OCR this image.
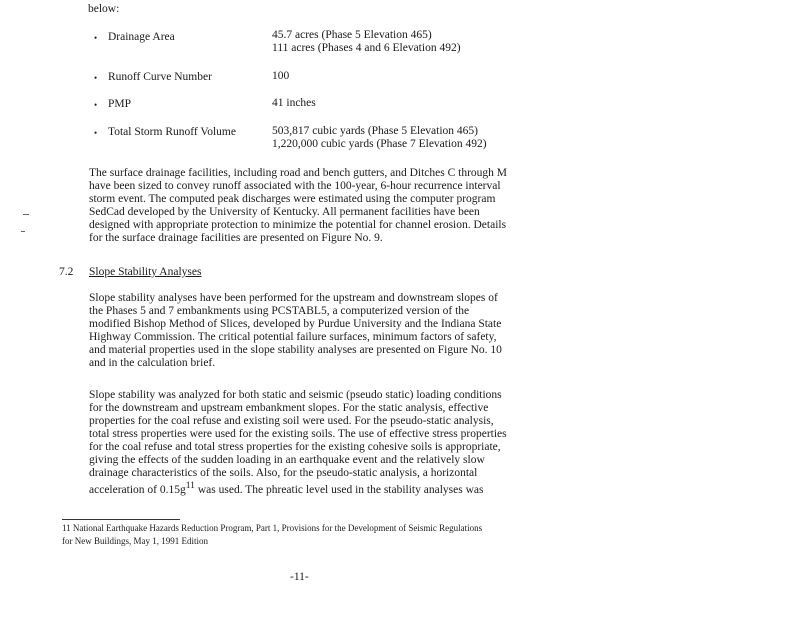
below:
• Drainage Area	45.7 acres (Phase 5 Elevation 465)
111 acres (Phases 4 and 6 Elevation 492)
• Runoff Curve Number	100
• PMP	41 inches
• Total Storm Runoff Volume	503,817 cubic yards (Phase 5 Elevation 465)
1,220,000 cubic yards (Phase 7 Elevation 492)
The surface drainage facilities, including road and bench gutters, and Ditches C through M
have been sized to convey runoff associated with the 100-year, 6-hour recurrence interval
storm event. The computed peak discharges were estimated using the computer program
SedCad developed by the University of Kentucky. All permanent facilities have been
designed with appropriate protection to minimize the potential for channel erosion. Details
for the surface drainage facilities are presented on Figure No. 9.
7.2 Slope Stability Analyses
Slope stability analyses have been performed for the upstream and downstream slopes of
the Phases 5 and 7 embankments using PCSTABL5, a computerized version of the
modified Bishop Method of Slices, developed by Purdue University and the Indiana State
Highway Commission. The critical potential failure surfaces, minimum factors of safety,
and material properties used in the slope stability analyses are presented on Figure No. 10
and in the calculation brief.
Slope stability was analyzed for both static and seismic (pseudo static) loading conditions
for the downstream and upstream embankment slopes. For the static analysis, effective
properties for the coal refuse and existing soil were used. For the pseudo-static analysis,
total stress properties were used for the existing soils. The use of effective stress properties
for the coal refuse and total stress properties for the existing cohesive soils is appropriate,
giving the effects of the sudden loading in an earthquake event and the relatively slow
drainage characteristics of the soils. Also, for the pseudo-static analysis, a horizontal
acceleration of $0.15g^{11}$ was used. The phreatic level used in the stability analyses was
11 National Earthquake Hazards Reduction Program, Part 1, Provisions for the Development of Seismic Regulations
for New Buildings, May 1, 1991 Edition
-11-
